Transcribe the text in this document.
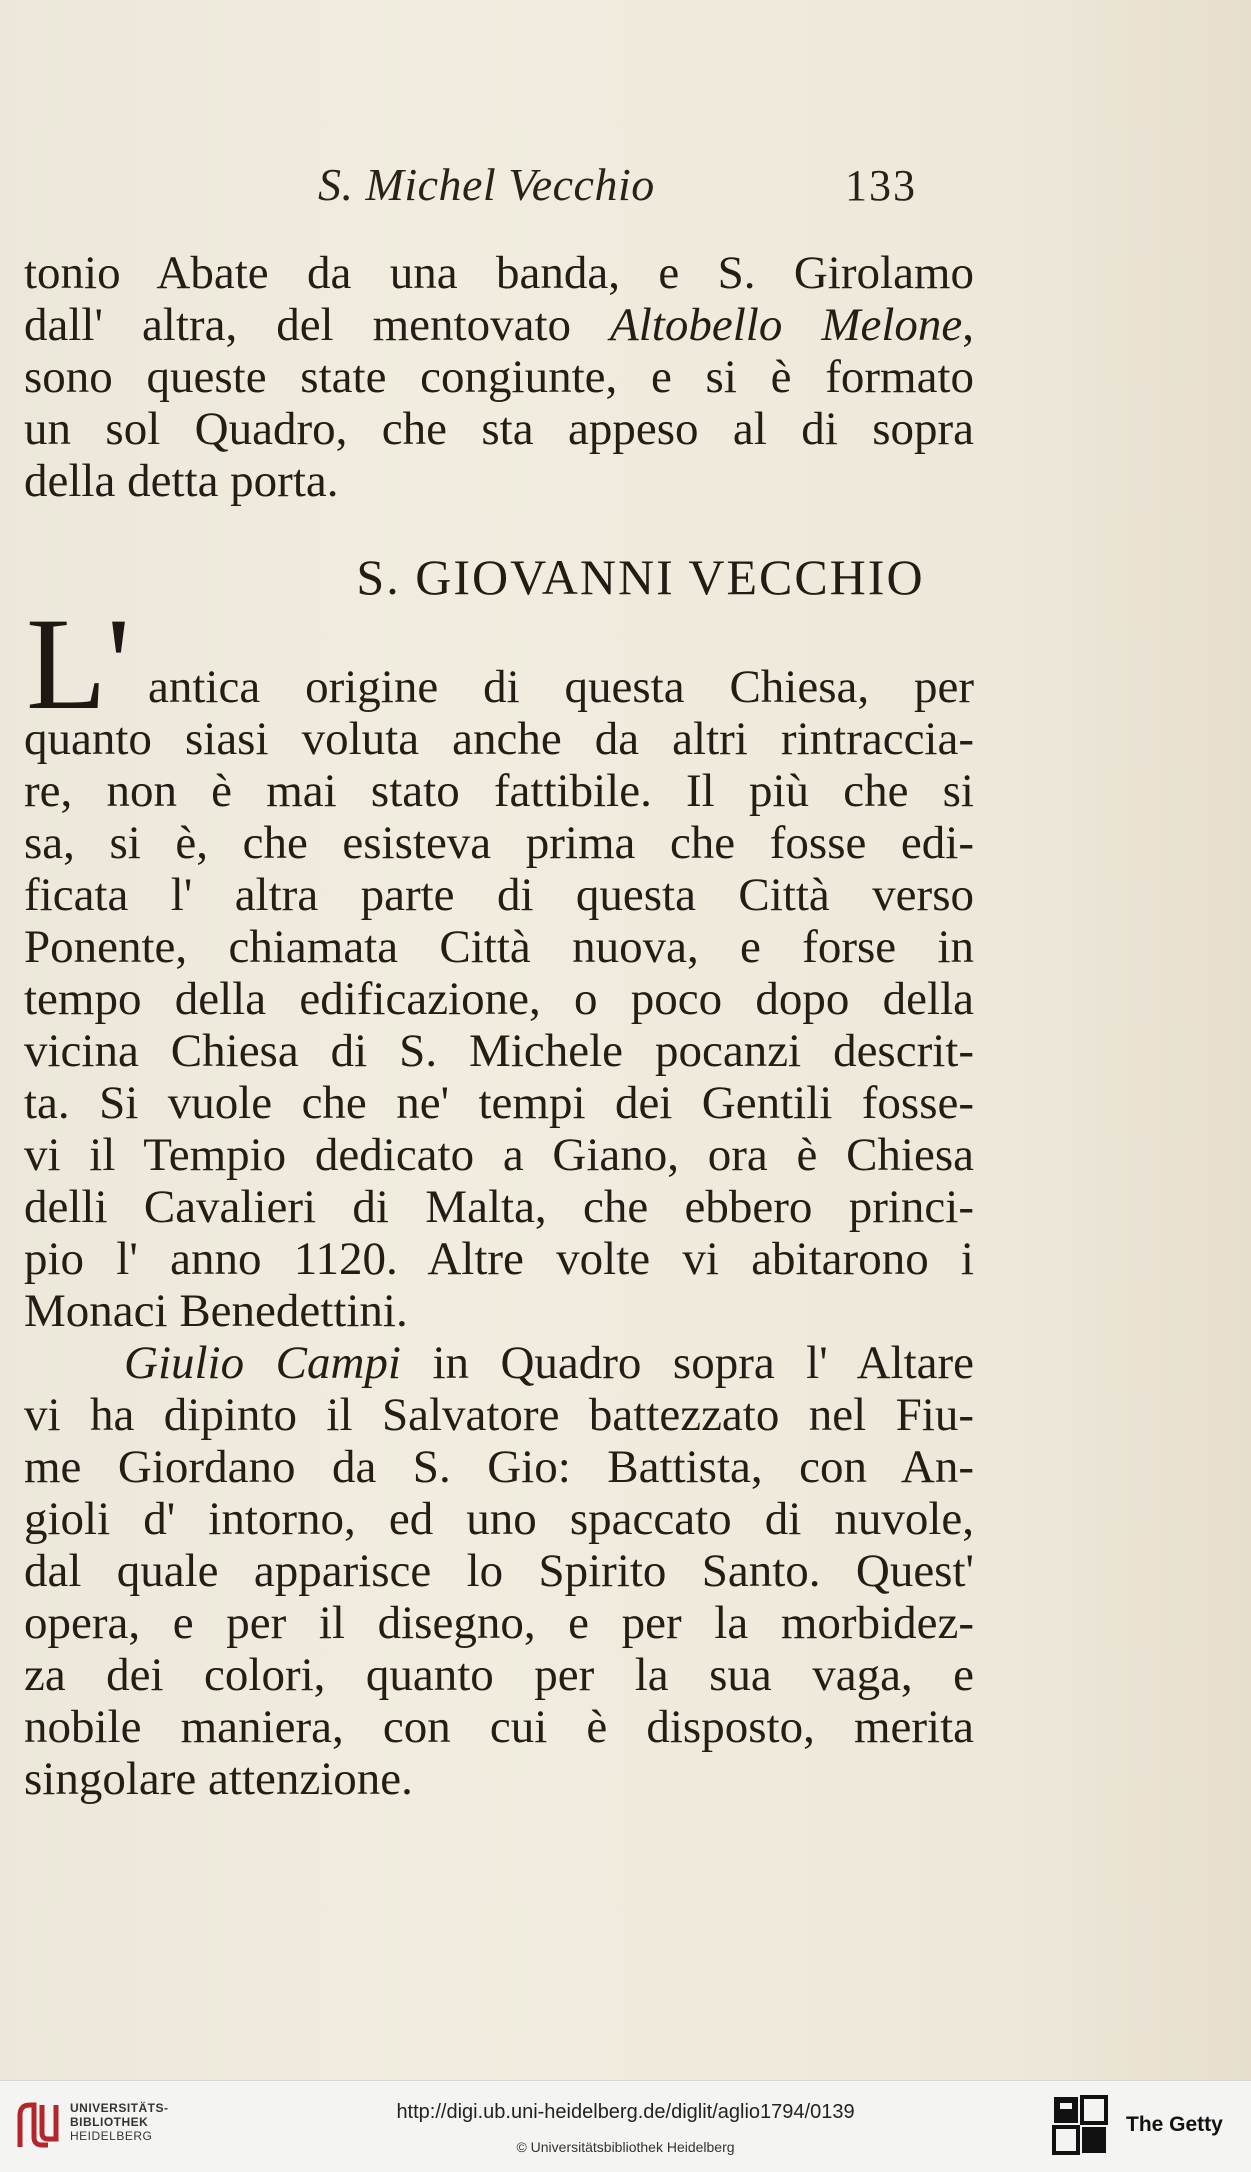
S. Michel Vecchio	133
tonio Abate da una banda, e S. Girolamo
dall' altra, del mentovato Altobello Melone,
sono queste state congiunte, e si è formato
un sol Quadro, che sta appeso al di sopra
della detta porta.
S. GIOVANNI VECCHIO
L' antica origine di questa Chiesa, per
quanto siasi voluta anche da altri rintraccia-
re, non è mai stato fattibile. Il più che si
sa, si è, che esisteva prima che fosse edi-
ficata l' altra parte di questa Città verso
Ponente, chiamata Città nuova, e forse in
tempo della edificazione, o poco dopo della
vicina Chiesa di S. Michele pocanzi descrit-
ta. Si vuole che ne' tempi dei Gentili fosse-
vi il Tempio dedicato a Giano, ora è Chiesa
delli Cavalieri di Malta, che ebbero princi-
pio l' anno 1120. Altre volte vi abitarono i
Monaci Benedettini.
Giulio Campi in Quadro sopra l' Altare
vi ha dipinto il Salvatore battezzato nel Fiu-
me Giordano da S. Gio: Battista, con An-
gioli d' intorno, ed uno spaccato di nuvole,
dal quale apparisce lo Spirito Santo. Quest'
opera, e per il disegno, e per la morbidez-
za dei colori, quanto per la sua vaga, e
nobile maniera, con cui è disposto, merita
singolare attenzione.
UNIVERSITÄTS-
BIBLIOTHEK
HEIDELBERG
http://digi.ub.uni-heidelberg.de/diglit/aglio1794/0139
© Universitätsbibliothek Heidelberg
The Getty
